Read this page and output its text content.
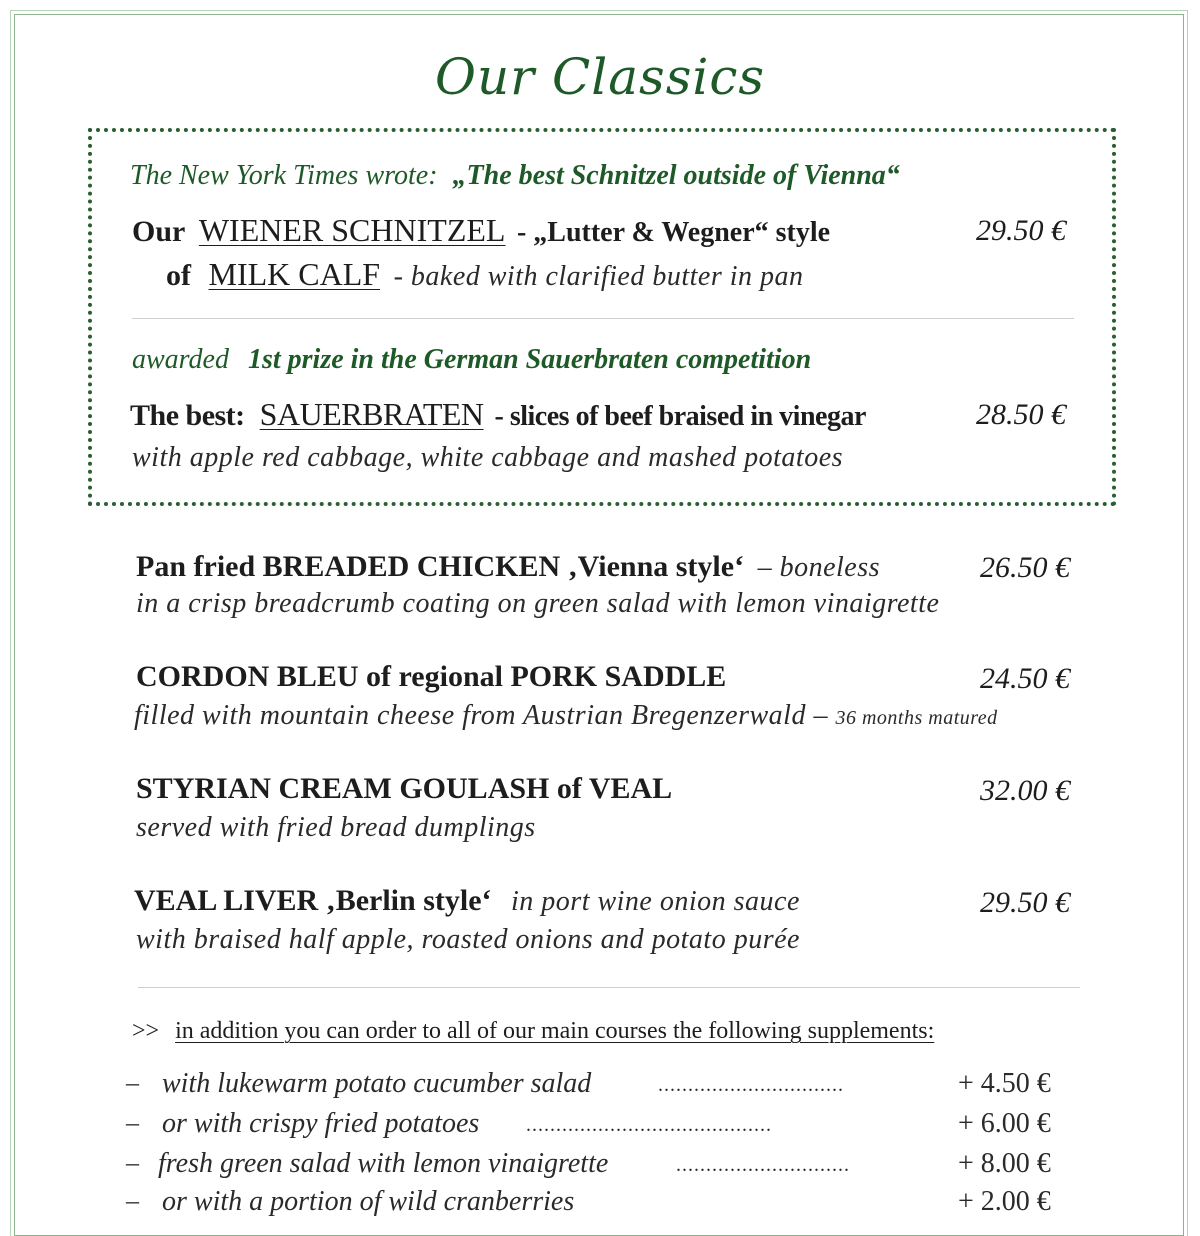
Our Classics
The New York Times wrote: „The best Schnitzel outside of Vienna“
Our WIENER SCHNITZEL - „Lutter & Wegner“ style	29.50 €
of MILK CALF - baked with clarified butter in pan
awarded 1st prize in the German Sauerbraten competition
The best: SAUERBRATEN - slices of beef braised in vinegar	28.50 €
with apple red cabbage, white cabbage and mashed potatoes
Pan fried BREADED CHICKEN ‚Vienna style‘ – boneless	26.50 €
in a crisp breadcrumb coating on green salad with lemon vinaigrette
CORDON BLEU of regional PORK SADDLE	24.50 €
filled with mountain cheese from Austrian Bregenzerwald – 36 months matured
STYRIAN CREAM GOULASH of VEAL	32.00 €
served with fried bread dumplings
VEAL LIVER ‚Berlin style‘ in port wine onion sauce	29.50 €
with braised half apple, roasted onions and potato purée
>> in addition you can order to all of our main courses the following supplements:
– with lukewarm potato cucumber salad	...............................	+ 4.50 €
– or with crispy fried potatoes .........................................	+ 6.00 €
– fresh green salad with lemon vinaigrette	.............................	+ 8.00 €
– or with a portion of wild cranberries	+ 2.00 €
